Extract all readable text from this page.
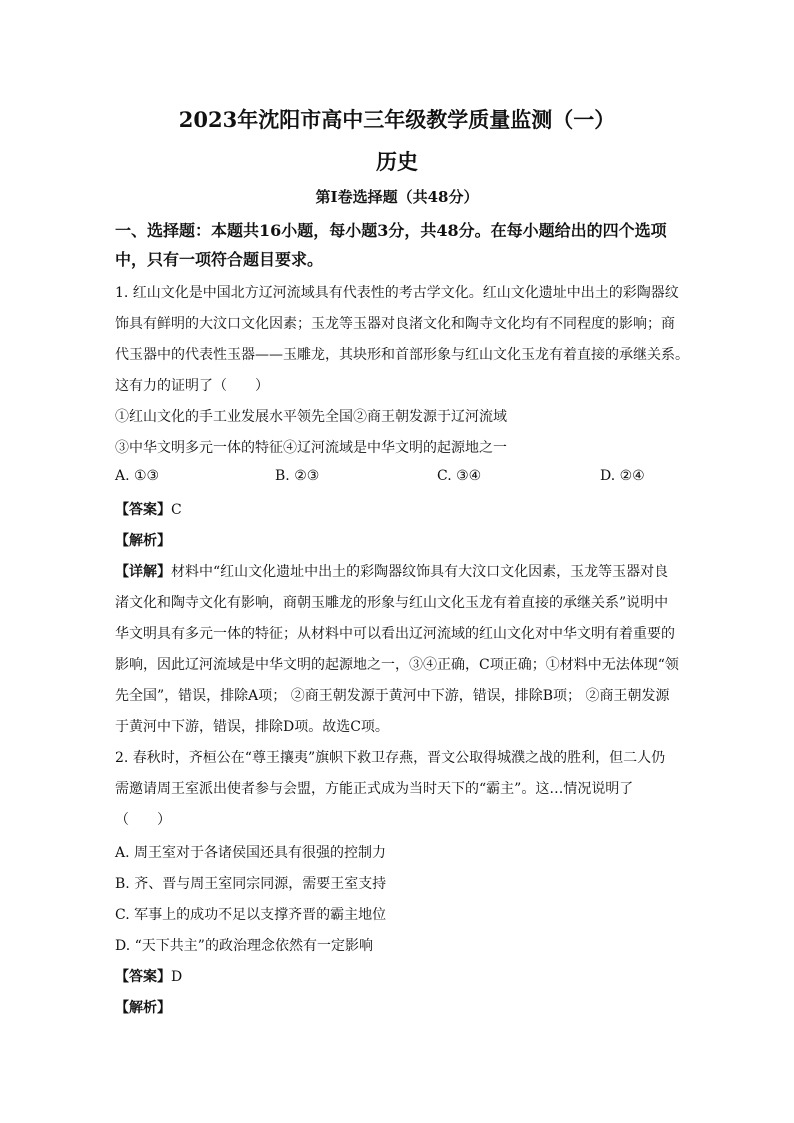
2023年沈阳市高中三年级教学质量监测（一）
历史
第Ⅰ卷选择题（共48分）
一、选择题：本题共16小题，每小题3分，共48分。在每小题给出的四个选项
中，只有一项符合题目要求。
1. 红山文化是中国北方辽河流域具有代表性的考古学文化。红山文化遗址中出土的彩陶器纹
饰具有鲜明的大汶口文化因素；玉龙等玉器对良渚文化和陶寺文化均有不同程度的影响；商
代玉器中的代表性玉器——玉雕龙，其块形和首部形象与红山文化玉龙有着直接的承继关系。
这有力的证明了（　　）
①红山文化的手工业发展水平领先全国②商王朝发源于辽河流域
③中华文明多元一体的特征④辽河流域是中华文明的起源地之一
A. ①③	B. ②③	C. ③④	D. ②④
【答案】C
【解析】
【详解】材料中“红山文化遗址中出土的彩陶器纹饰具有大汶口文化因素，玉龙等玉器对良
渚文化和陶寺文化有影响，商朝玉雕龙的形象与红山文化玉龙有着直接的承继关系”说明中
华文明具有多元一体的特征；从材料中可以看出辽河流域的红山文化对中华文明有着重要的
影响，因此辽河流域是中华文明的起源地之一，③④正确，C项正确；①材料中无法体现“领
先全国”，错误，排除A项； ②商王朝发源于黄河中下游，错误，排除B项； ②商王朝发源
于黄河中下游，错误，排除D项。故选C项。
2. 春秋时，齐桓公在“尊王攘夷”旗帜下救卫存燕，晋文公取得城濮之战的胜利，但二人仍
需邀请周王室派出使者参与会盟，方能正式成为当时天下的“霸主”。这…情况说明了
（　　）
A. 周王室对于各诸侯国还具有很强的控制力
B. 齐、晋与周王室同宗同源，需要王室支持
C. 军事上的成功不足以支撑齐晋的霸主地位
D. “天下共主”的政治理念依然有一定影响
【答案】D
【解析】
